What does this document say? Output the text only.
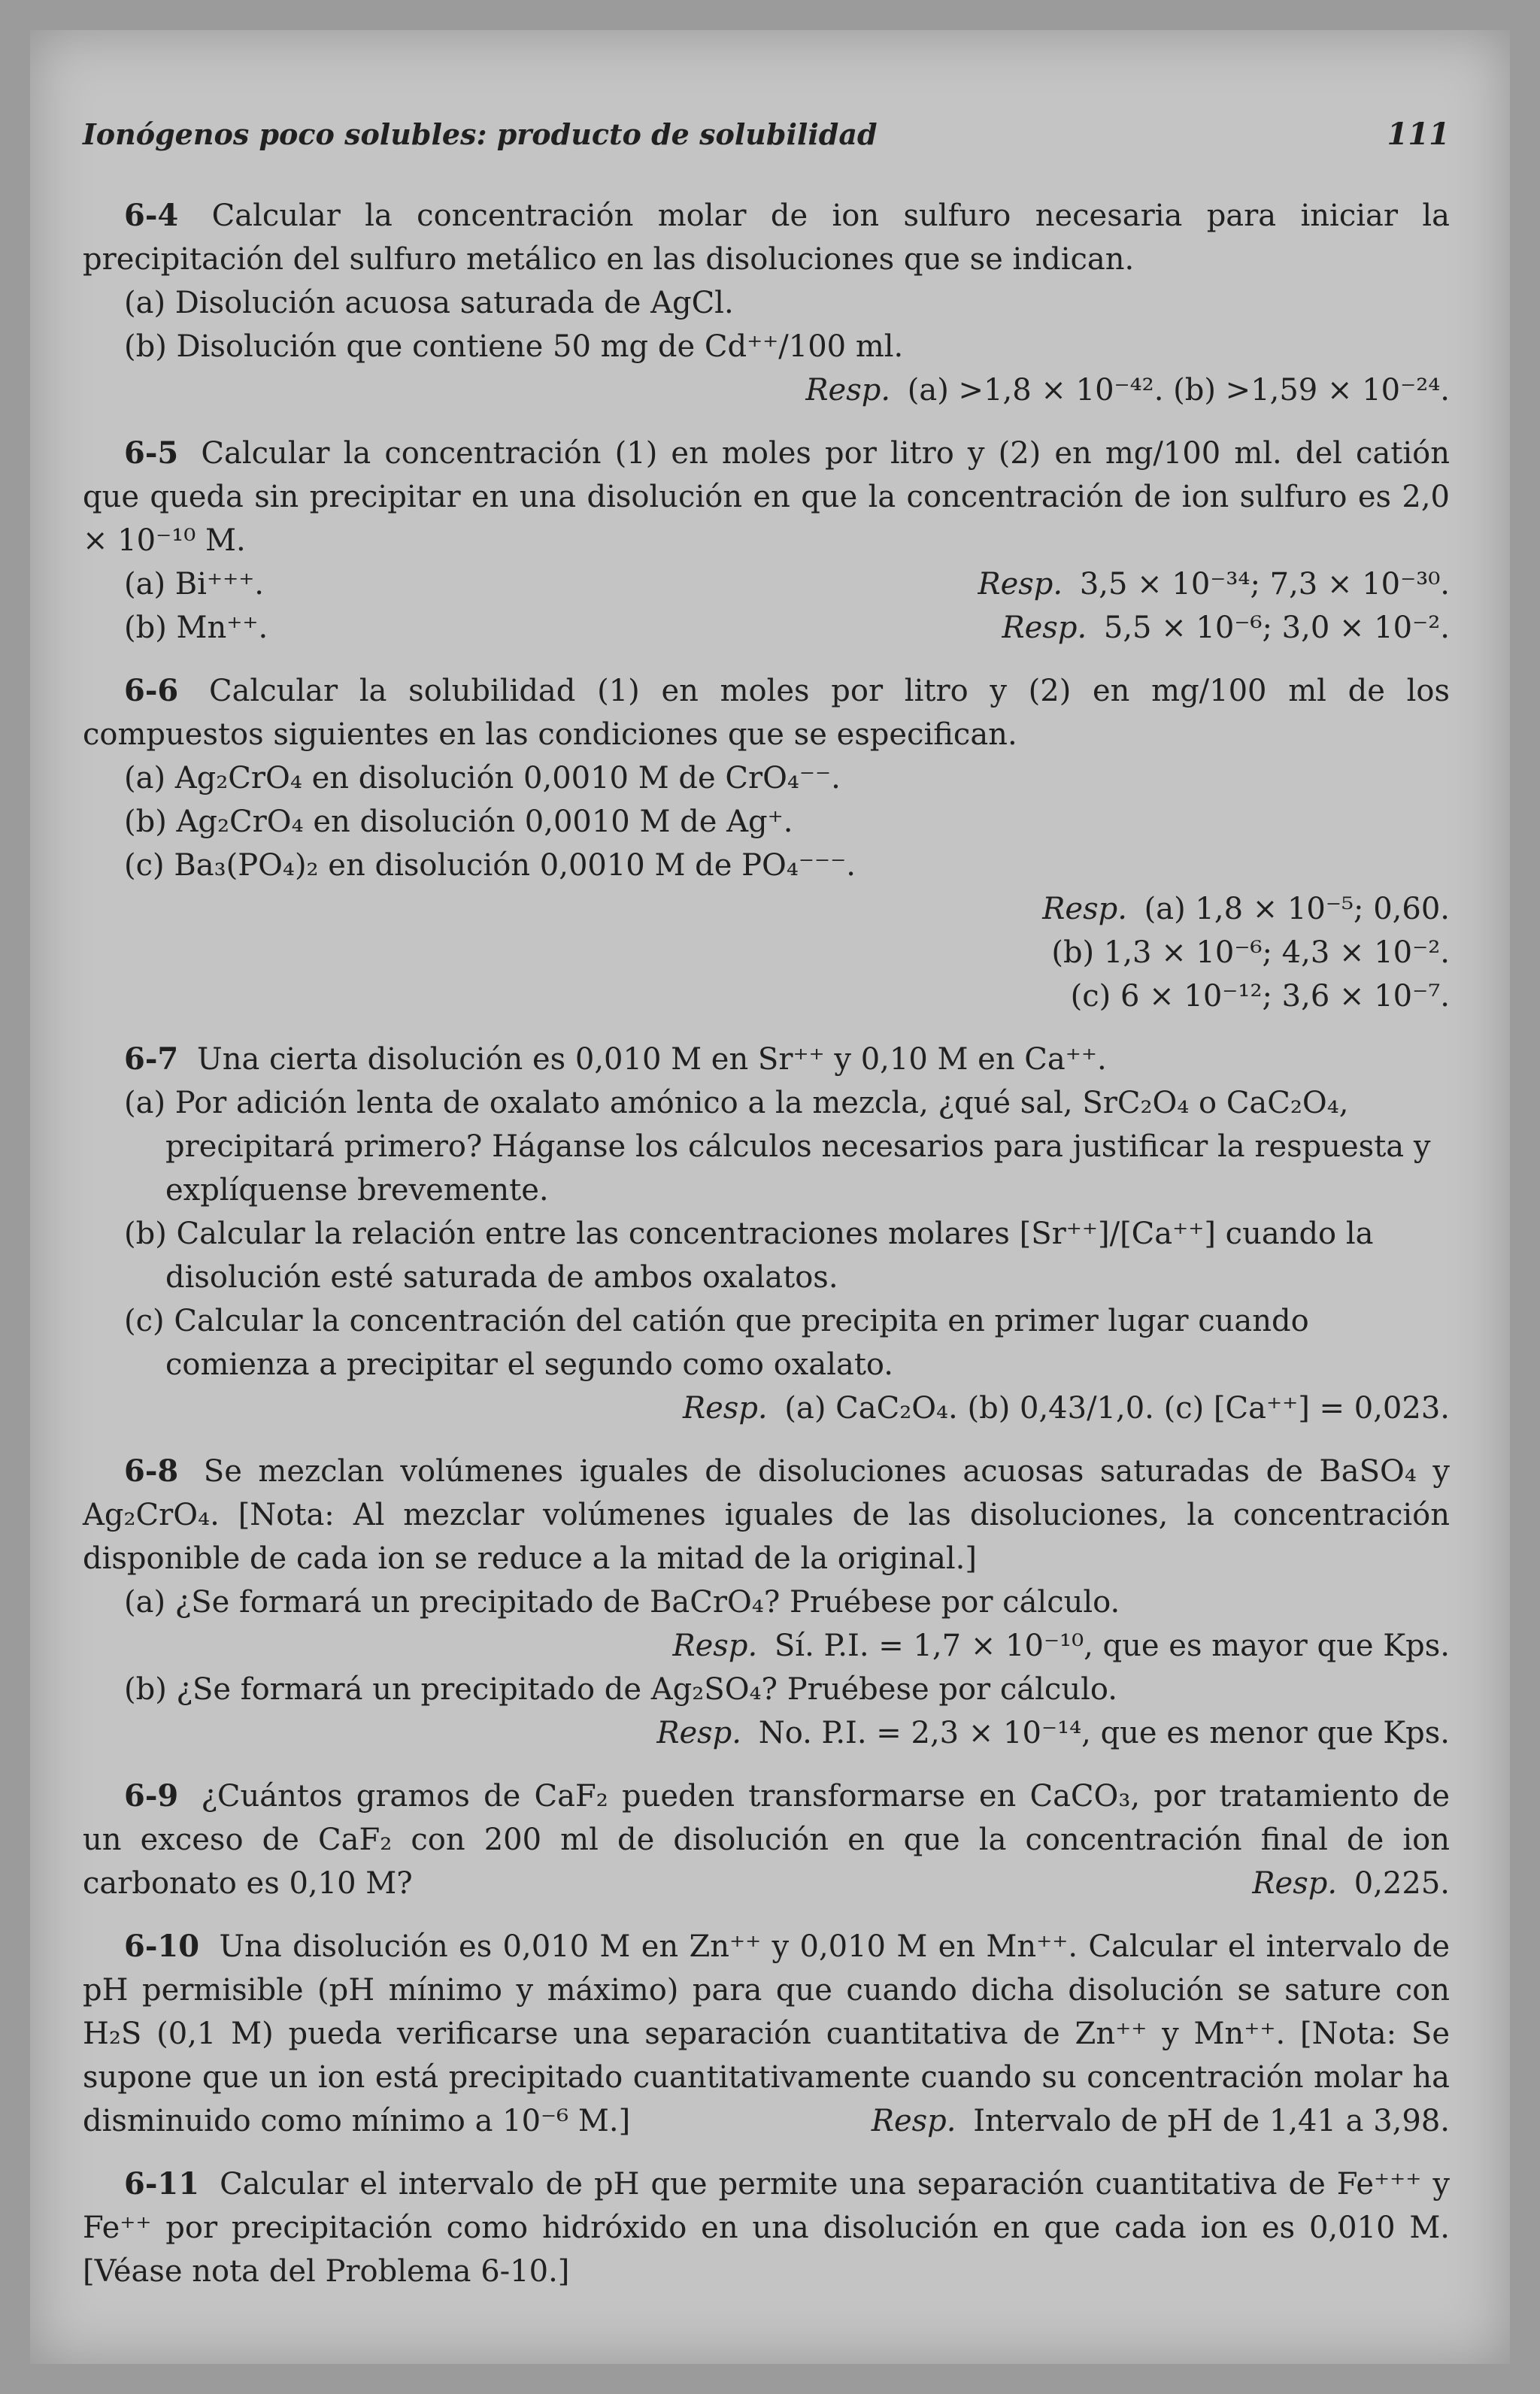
Ionógenos poco solubles: producto de solubilidad	111
6-4 Calcular la concentración molar de ion sulfuro necesaria para iniciar la precipitación del sulfuro metálico en las disoluciones que se indican.
(a) Disolución acuosa saturada de AgCl.
(b) Disolución que contiene 50 mg de Cd⁺⁺/100 ml.
Resp. (a) >1,8 × 10⁻⁴². (b) >1,59 × 10⁻²⁴.
6-5 Calcular la concentración (1) en moles por litro y (2) en mg/100 ml. del catión que queda sin precipitar en una disolución en que la concentración de ion sulfuro es 2,0 × 10⁻¹⁰ M.
(a) Bi⁺⁺⁺.	Resp. 3,5 × 10⁻³⁴; 7,3 × 10⁻³⁰.
(b) Mn⁺⁺.	Resp. 5,5 × 10⁻⁶; 3,0 × 10⁻².
6-6 Calcular la solubilidad (1) en moles por litro y (2) en mg/100 ml de los compuestos siguientes en las condiciones que se especifican.
(a) Ag₂CrO₄ en disolución 0,0010 M de CrO₄⁻⁻.
(b) Ag₂CrO₄ en disolución 0,0010 M de Ag⁺.
(c) Ba₃(PO₄)₂ en disolución 0,0010 M de PO₄⁻⁻⁻.
Resp. (a) 1,8 × 10⁻⁵; 0,60.
(b) 1,3 × 10⁻⁶; 4,3 × 10⁻².
(c) 6 × 10⁻¹²; 3,6 × 10⁻⁷.
6-7 Una cierta disolución es 0,010 M en Sr⁺⁺ y 0,10 M en Ca⁺⁺.
(a) Por adición lenta de oxalato amónico a la mezcla, ¿qué sal, SrC₂O₄ o CaC₂O₄, precipitará primero? Háganse los cálculos necesarios para justificar la respuesta y explíquense brevemente.
(b) Calcular la relación entre las concentraciones molares [Sr⁺⁺]/[Ca⁺⁺] cuando la disolución esté saturada de ambos oxalatos.
(c) Calcular la concentración del catión que precipita en primer lugar cuando comienza a precipitar el segundo como oxalato.
Resp. (a) CaC₂O₄. (b) 0,43/1,0. (c) [Ca⁺⁺] = 0,023.
6-8 Se mezclan volúmenes iguales de disoluciones acuosas saturadas de BaSO₄ y Ag₂CrO₄. [Nota: Al mezclar volúmenes iguales de las disoluciones, la concentración disponible de cada ion se reduce a la mitad de la original.]
(a) ¿Se formará un precipitado de BaCrO₄? Pruébese por cálculo.
Resp. Sí. P.I. = 1,7 × 10⁻¹⁰, que es mayor que Kps.
(b) ¿Se formará un precipitado de Ag₂SO₄? Pruébese por cálculo.
Resp. No. P.I. = 2,3 × 10⁻¹⁴, que es menor que Kps.
6-9 ¿Cuántos gramos de CaF₂ pueden transformarse en CaCO₃, por tratamiento de un exceso de CaF₂ con 200 ml de disolución en que la concentración final de ion carbonato es 0,10 M?	Resp. 0,225.
6-10 Una disolución es 0,010 M en Zn⁺⁺ y 0,010 M en Mn⁺⁺. Calcular el intervalo de pH permisible (pH mínimo y máximo) para que cuando dicha disolución se sature con H₂S (0,1 M) pueda verificarse una separación cuantitativa de Zn⁺⁺ y Mn⁺⁺. [Nota: Se supone que un ion está precipitado cuantitativamente cuando su concentración molar ha disminuido como mínimo a 10⁻⁶ M.]	Resp. Intervalo de pH de 1,41 a 3,98.
6-11 Calcular el intervalo de pH que permite una separación cuantitativa de Fe⁺⁺⁺ y Fe⁺⁺ por precipitación como hidróxido en una disolución en que cada ion es 0,010 M. [Véase nota del Problema 6-10.]
